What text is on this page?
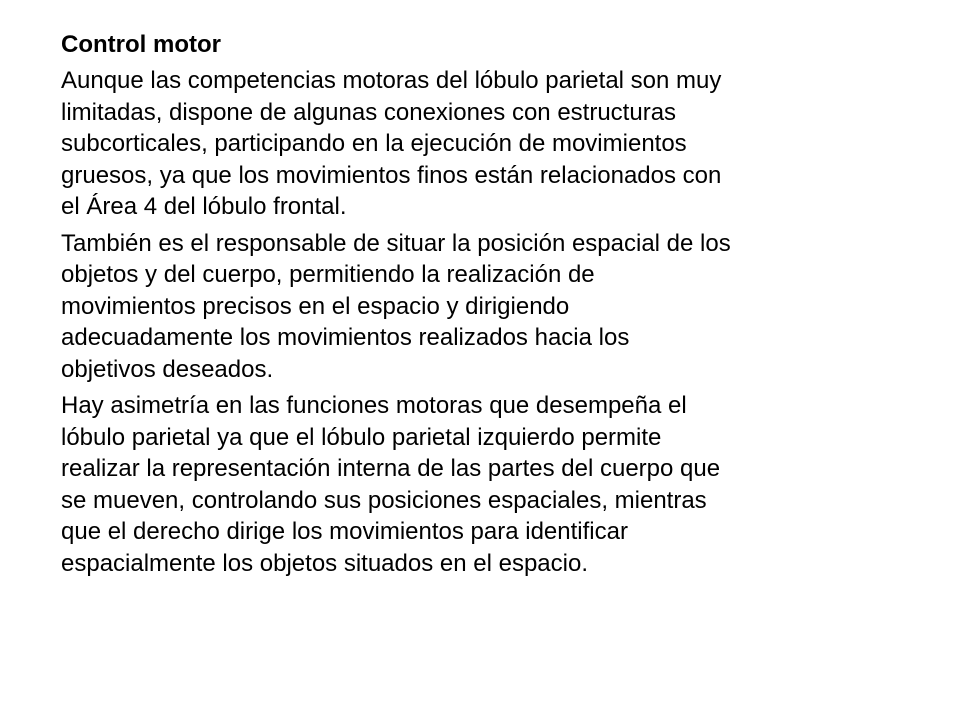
Control motor

Aunque las competencias motoras del lóbulo parietal son muy
limitadas, dispone de algunas conexiones con estructuras
subcorticales, participando en la ejecución de movimientos
gruesos, ya que los movimientos finos están relacionados con
el Área 4 del lóbulo frontal.

También es el responsable de situar la posición espacial de los
objetos y del cuerpo, permitiendo la realización de
movimientos precisos en el espacio y dirigiendo
adecuadamente los movimientos realizados hacia los
objetivos deseados.

Hay asimetría en las funciones motoras que desempeña el
lóbulo parietal ya que el lóbulo parietal izquierdo permite
realizar la representación interna de las partes del cuerpo que
se mueven, controlando sus posiciones espaciales, mientras
que el derecho dirige los movimientos para identificar
espacialmente los objetos situados en el espacio.
